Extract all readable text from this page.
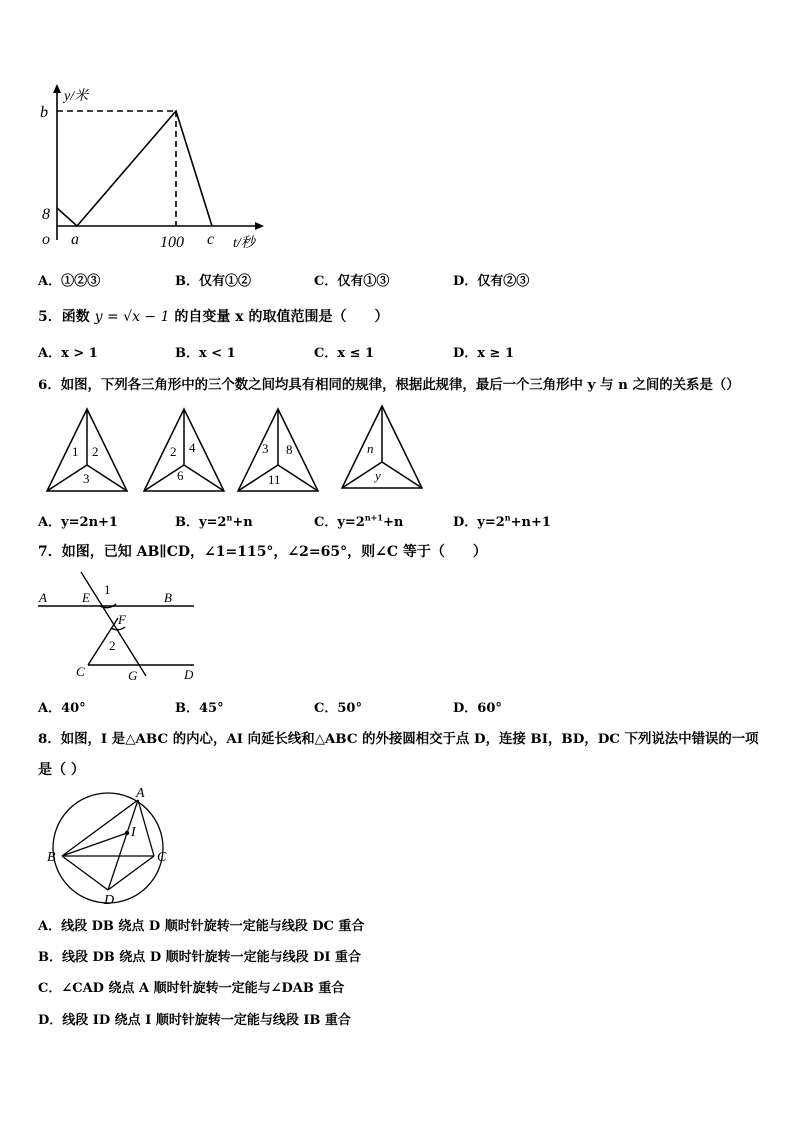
y/米
b
8
o a	100 c t/秒
A．①②③	B．仅有①②	C．仅有①③	D．仅有②③
5．函数 y = √x − 1 的自变量 x 的取值范围是（　　）
A．x > 1	B．x < 1	C．x ≤ 1	D．x ≥ 1
6．如图，下列各三角形中的三个数之间均具有相同的规律，根据此规律，最后一个三角形中 y 与 n 之间的关系是（）
1 2
3
2 4
6
3 8
11
n
y
A．y=2n+1	B．$y=2^n+n$	C．$y=2^{n+1}+n$	D．$y=2^n+n+1$
7．如图，已知 AB∥CD，∠1=115°，∠2=65°，则∠C 等于（　　）
A	E
1
B
F
2
C	G	D
A．40°	B．45°	C．50°	D．60°
8．如图，I 是△ABC 的内心，AI 向延长线和△ABC 的外接圆相交于点 D，连接 BI，BD，DC 下列说法中错误的一项
是（ ）
A
I
B	C
D
A．线段 DB 绕点 D 顺时针旋转一定能与线段 DC 重合
B．线段 DB 绕点 D 顺时针旋转一定能与线段 DI 重合
C．∠CAD 绕点 A 顺时针旋转一定能与∠DAB 重合
D．线段 ID 绕点 I 顺时针旋转一定能与线段 IB 重合
